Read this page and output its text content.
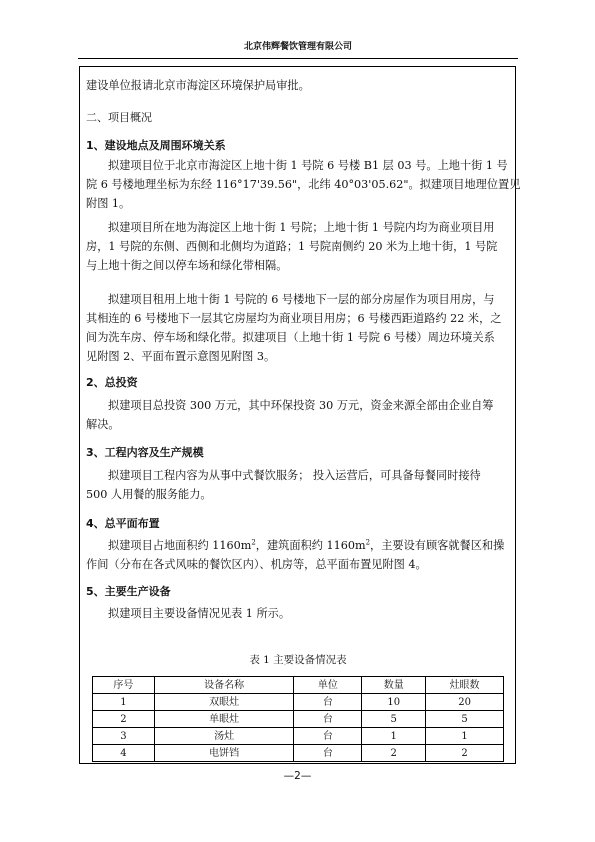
北京伟辉餐饮管理有限公司
建设单位报请北京市海淀区环境保护局审批。
二、项目概况
1、建设地点及周围环境关系
拟建项目位于北京市海淀区上地十街 1 号院 6 号楼 B1 层 03 号。上地十街 1 号
院 6 号楼地理坐标为东经 116°17'39.56"，北纬 40°03'05.62"。拟建项目地理位置见
附图 1。
拟建项目所在地为海淀区上地十街 1 号院；上地十街 1 号院内均为商业项目用
房，1 号院的东侧、西侧和北侧均为道路；1 号院南侧约 20 米为上地十街，1 号院
与上地十街之间以停车场和绿化带相隔。
拟建项目租用上地十街 1 号院的 6 号楼地下一层的部分房屋作为项目用房，与
其相连的 6 号楼地下一层其它房屋均为商业项目用房；6 号楼西距道路约 22 米，之
间为洗车房、停车场和绿化带。拟建项目（上地十街 1 号院 6 号楼）周边环境关系
见附图 2、平面布置示意图见附图 3。
2、总投资
拟建项目总投资 300 万元，其中环保投资 30 万元，资金来源全部由企业自筹
解决。
3、工程内容及生产规模
拟建项目工程内容为从事中式餐饮服务； 投入运营后，可具备每餐同时接待
500 人用餐的服务能力。
4、总平面布置
拟建项目占地面积约 $1160m^2$，建筑面积约 $1160m^2$，主要设有顾客就餐区和操
作间（分布在各式风味的餐饮区内）、机房等，总平面布置见附图 4。
5、主要生产设备
拟建项目主要设备情况见表 1 所示。
表 1 主要设备情况表
序号	设备名称	单位	数量	灶眼数
1	双眼灶	台	10	20
2	单眼灶	台	5	5
3	汤灶	台	1	1
4	电饼铛	台	2	2
—2—
